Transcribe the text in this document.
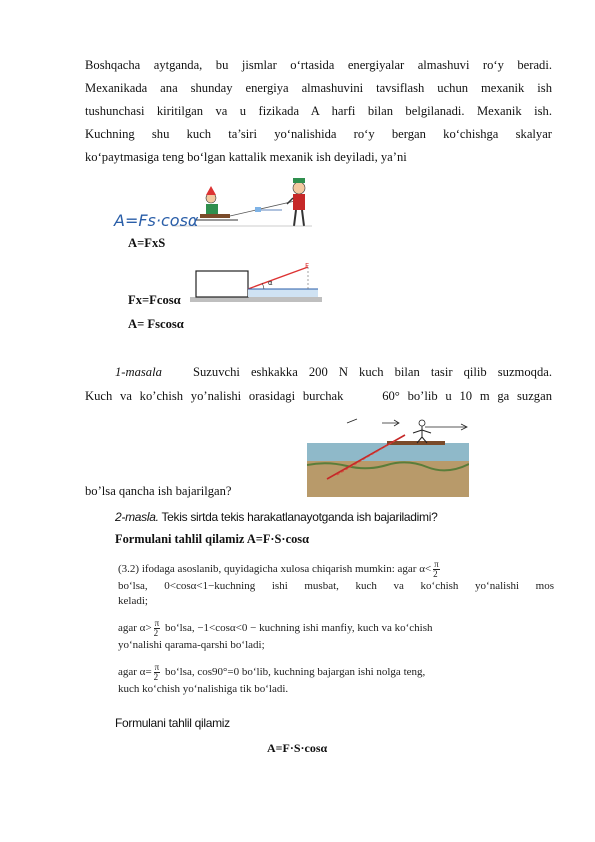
Boshqacha aytganda, bu jismlar o‘rtasida energiyalar almashuvi ro‘y beradi.
Mexanikada ana shunday energiya almashuvini tavsiflash uchun mexanik ish
tushunchasi kiritilgan va u fizikada A harfi bilan belgilanadi. Mexanik ish.
Kuchning shu kuch ta’siri yo‘nalishida ro‘y bergan ko‘chishga skalyar
ko‘paytmasiga teng bo‘lgan kattalik mexanik ish deyiladi, ya’ni
A=Fs·cosα
A=FxS
α
F
Fx=Fcosα
A= Fscosα
1-masala Suzuvchi eshkakka 200 N kuch bilan tasir qilib suzmoqda.
Kuch va ko’chish yo’nalishi orasidagi burchak     60° bo’lib u 10 m ga suzgan
bo’lsa qancha ish bajarilgan?
2-masla. Tekis sirtda tekis harakatlanayotganda ish bajariladimi?
Formulani tahlil qilamiz A=F·S·cosα
(3.2) ifodaga asoslanib, quyidagicha xulosa chiqarish mumkin: agar $\alpha< \frac{\pi}{2}$
bo‘lsa, 0<cosα<1−kuchning ishi musbat, kuch va ko‘chish yo‘nalishi mos
keladi;
agar $\alpha> \frac{\pi}{2}$ bo‘lsa, −1<cosα<0 − kuchning ishi manfiy, kuch va ko‘chish
yo‘nalishi qarama-qarshi bo‘ladi;
agar $\alpha= \frac{\pi}{2}$ bo‘lsa, cos90°=0 bo‘lib, kuchning bajargan ishi nolga teng,
kuch ko‘chish yo‘nalishiga tik bo‘ladi.
Formulani tahlil qilamiz
A=F·S·cosα
